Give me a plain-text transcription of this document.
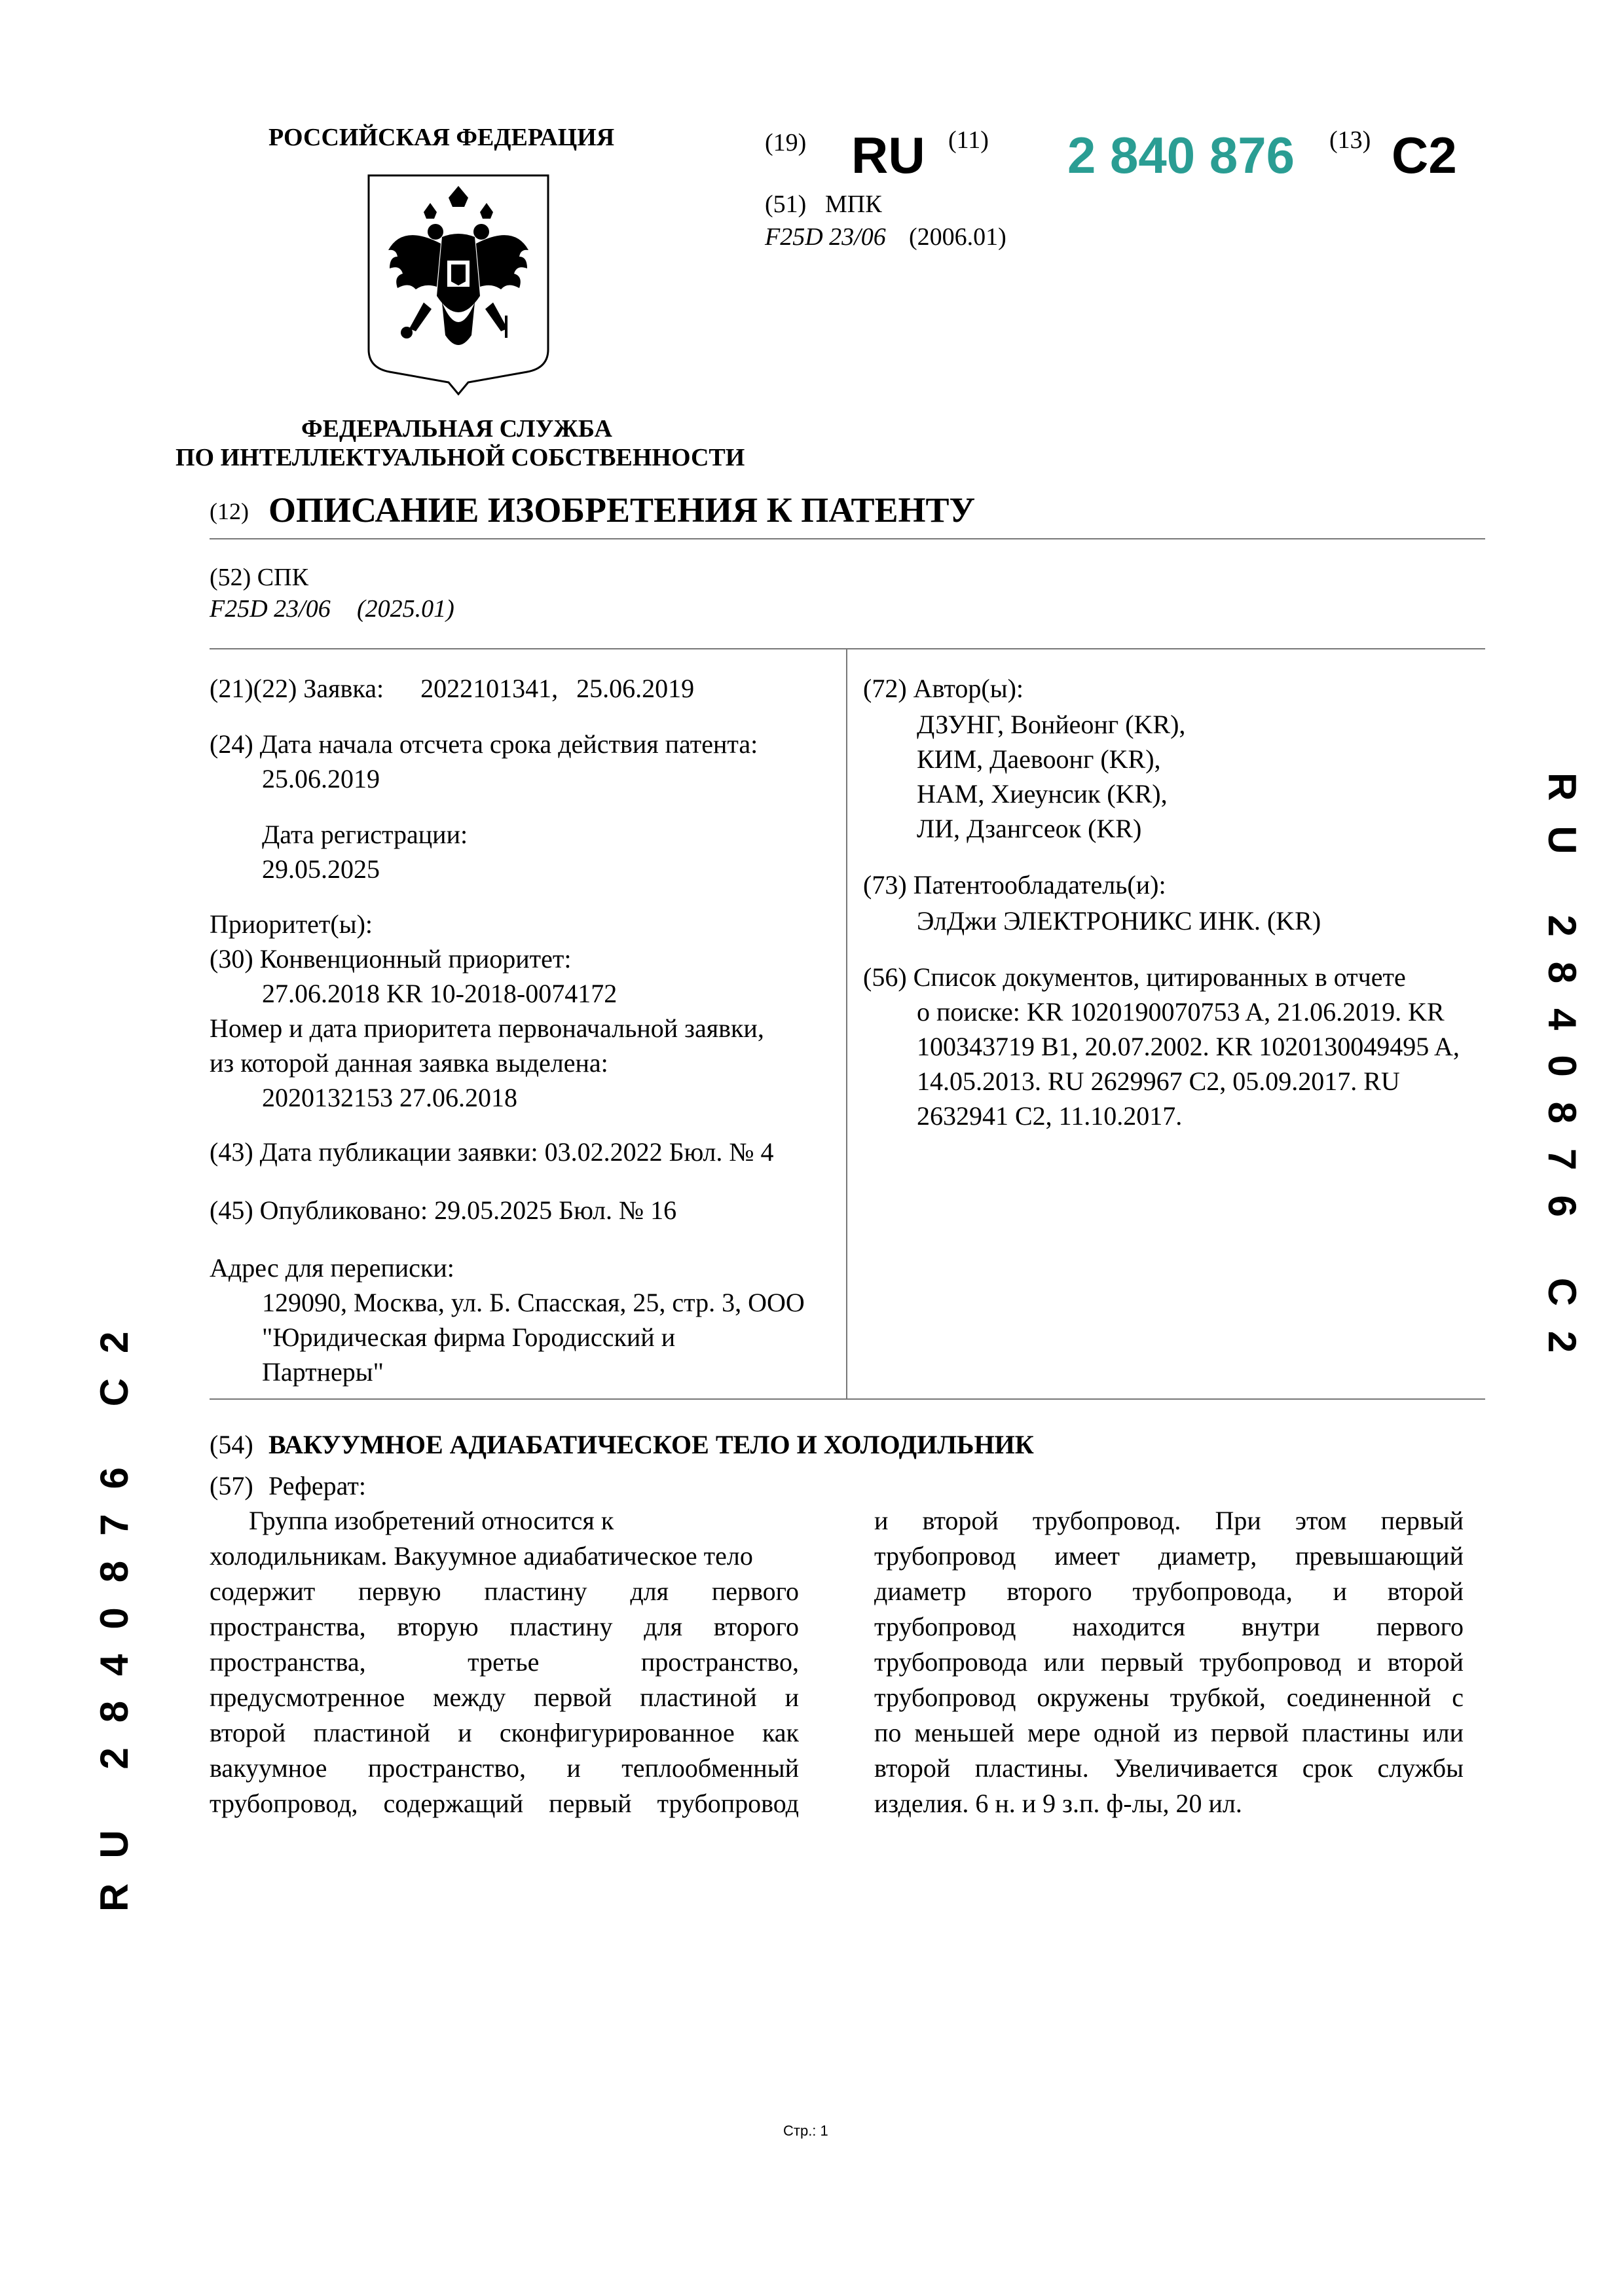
РОССИЙСКАЯ ФЕДЕРАЦИЯ
ФЕДЕРАЛЬНАЯ СЛУЖБА
ПО ИНТЕЛЛЕКТУАЛЬНОЙ СОБСТВЕННОСТИ
(19) RU (11) 2 840 876 (13) C2
(51) МПК
F25D 23/06 (2006.01)
(12) ОПИСАНИЕ ИЗОБРЕТЕНИЯ К ПАТЕНТУ
(52) СПК
F25D 23/06 (2025.01)
(21)(22) Заявка: 2022101341, 25.06.2019
(24) Дата начала отсчета срока действия патента:
25.06.2019
Дата регистрации:
29.05.2025
Приоритет(ы):
(30) Конвенционный приоритет:
27.06.2018 KR 10-2018-0074172
Номер и дата приоритета первоначальной заявки,
из которой данная заявка выделена:
2020132153 27.06.2018
(43) Дата публикации заявки: 03.02.2022 Бюл. № 4
(45) Опубликовано: 29.05.2025 Бюл. № 16
Адрес для переписки:
129090, Москва, ул. Б. Спасская, 25, стр. 3, ООО
"Юридическая фирма Городисский и
Партнеры"
(72) Автор(ы):
ДЗУНГ, Вонйеонг (KR),
КИМ, Даевоонг (KR),
НАМ, Хиеунсик (KR),
ЛИ, Дзангсеок (KR)
(73) Патентообладатель(и):
ЭлДжи ЭЛЕКТРОНИКС ИНК. (KR)
(56) Список документов, цитированных в отчете
о поиске: KR 1020190070753 A, 21.06.2019. KR
100343719 B1, 20.07.2002. KR 1020130049495 A,
14.05.2013. RU 2629967 C2, 05.09.2017. RU
2632941 C2, 11.10.2017.
(54) ВАКУУМНОЕ АДИАБАТИЧЕСКОЕ ТЕЛО И ХОЛОДИЛЬНИК
(57) Реферат:
Группа изобретений относится к
холодильникам. Вакуумное адиабатическое тело
содержит первую пластину для первого
пространства, вторую пластину для второго
пространства, третье пространство,
предусмотренное между первой пластиной и
второй пластиной и сконфигурированное как
вакуумное пространство, и теплообменный
трубопровод, содержащий первый трубопровод
и второй трубопровод. При этом первый
трубопровод имеет диаметр, превышающий
диаметр второго трубопровода, и второй
трубопровод находится внутри первого
трубопровода или первый трубопровод и второй
трубопровод окружены трубкой, соединенной с
по меньшей мере одной из первой пластины или
второй пластины. Увеличивается срок службы
изделия. 6 н. и 9 з.п. ф-лы, 20 ил.
RU 2840876 C2
RU 2840876 C2
Стр.: 1
